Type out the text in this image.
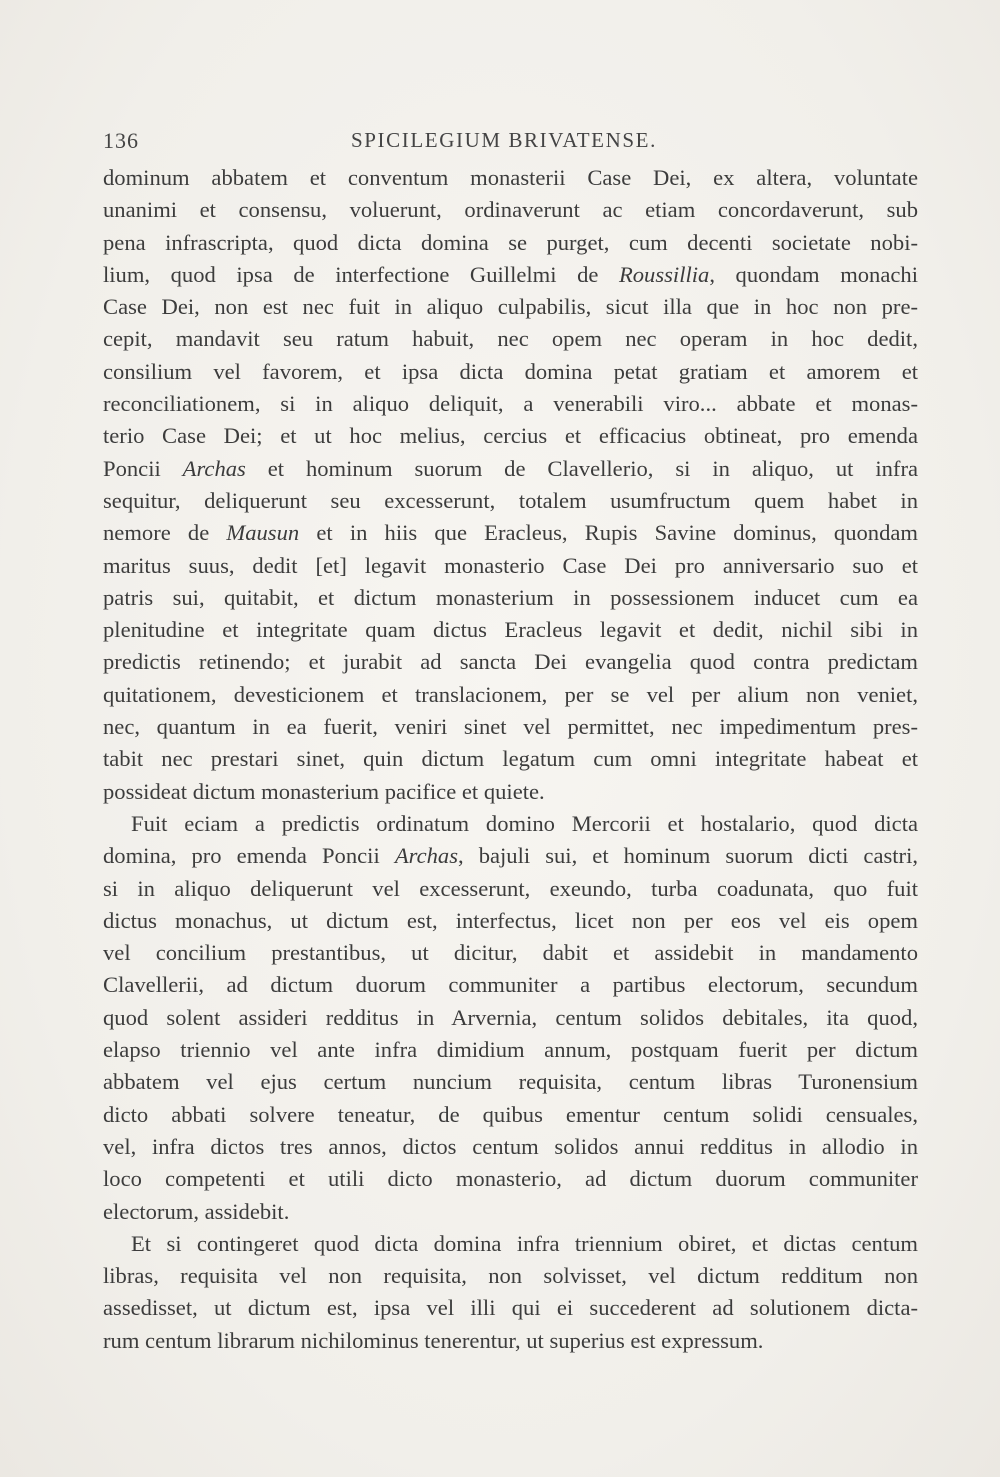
136	SPICILEGIUM BRIVATENSE.
dominum abbatem et conventum monasterii Case Dei, ex altera, voluntate
unanimi et consensu, voluerunt, ordinaverunt ac etiam concordaverunt, sub
pena infrascripta, quod dicta domina se purget, cum decenti societate nobi-
lium, quod ipsa de interfectione Guillelmi de Roussillia, quondam monachi
Case Dei, non est nec fuit in aliquo culpabilis, sicut illa que in hoc non pre-
cepit, mandavit seu ratum habuit, nec opem nec operam in hoc dedit,
consilium vel favorem, et ipsa dicta domina petat gratiam et amorem et
reconciliationem, si in aliquo deliquit, a venerabili viro... abbate et monas-
terio Case Dei; et ut hoc melius, cercius et efficacius obtineat, pro emenda
Poncii Archas et hominum suorum de Clavellerio, si in aliquo, ut infra
sequitur, deliquerunt seu excesserunt, totalem usumfructum quem habet in
nemore de Mausun et in hiis que Eracleus, Rupis Savine dominus, quondam
maritus suus, dedit [et] legavit monasterio Case Dei pro anniversario suo et
patris sui, quitabit, et dictum monasterium in possessionem inducet cum ea
plenitudine et integritate quam dictus Eracleus legavit et dedit, nichil sibi in
predictis retinendo; et jurabit ad sancta Dei evangelia quod contra predictam
quitationem, devesticionem et translacionem, per se vel per alium non veniet,
nec, quantum in ea fuerit, veniri sinet vel permittet, nec impedimentum pres-
tabit nec prestari sinet, quin dictum legatum cum omni integritate habeat et
possideat dictum monasterium pacifice et quiete.
Fuit eciam a predictis ordinatum domino Mercorii et hostalario, quod dicta
domina, pro emenda Poncii Archas, bajuli sui, et hominum suorum dicti castri,
si in aliquo deliquerunt vel excesserunt, exeundo, turba coadunata, quo fuit
dictus monachus, ut dictum est, interfectus, licet non per eos vel eis opem
vel concilium prestantibus, ut dicitur, dabit et assidebit in mandamento
Clavellerii, ad dictum duorum communiter a partibus electorum, secundum
quod solent assideri redditus in Arvernia, centum solidos debitales, ita quod,
elapso triennio vel ante infra dimidium annum, postquam fuerit per dictum
abbatem vel ejus certum nuncium requisita, centum libras Turonensium
dicto abbati solvere teneatur, de quibus ementur centum solidi censuales,
vel, infra dictos tres annos, dictos centum solidos annui redditus in allodio in
loco competenti et utili dicto monasterio, ad dictum duorum communiter
electorum, assidebit.
Et si contingeret quod dicta domina infra triennium obiret, et dictas centum
libras, requisita vel non requisita, non solvisset, vel dictum redditum non
assedisset, ut dictum est, ipsa vel illi qui ei succederent ad solutionem dicta-
rum centum librarum nichilominus tenerentur, ut superius est expressum.
